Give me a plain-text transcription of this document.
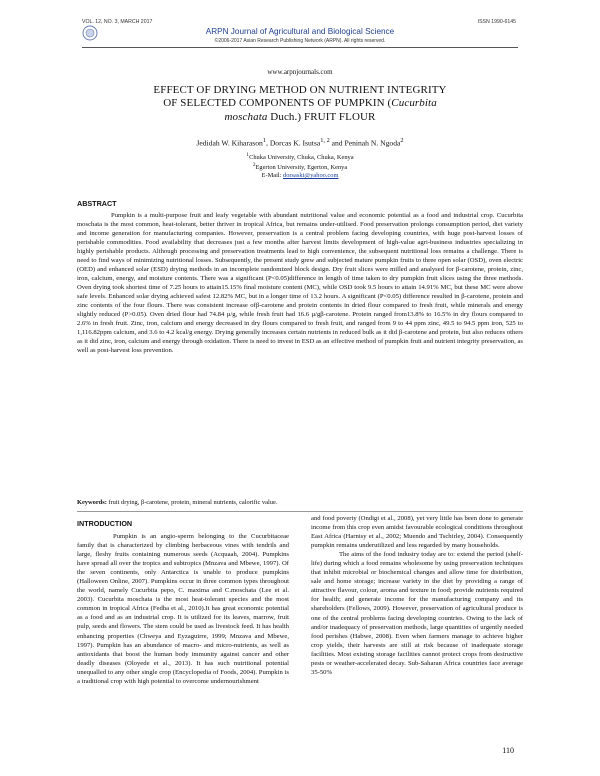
VOL. 12, NO. 3, MARCH 2017	ISSN 1990-6145
ARPN Journal of Agricultural and Biological Science
©2006-2017 Asian Research Publishing Network (ARPN). All rights reserved.
www.arpnjournals.com
EFFECT OF DRYING METHOD ON NUTRIENT INTEGRITY
OF SELECTED COMPONENTS OF PUMPKIN (Cucurbita
moschata Duch.) FRUIT FLOUR
Jedidah W. Kiharason$^1$, Dorcas K. Isutsa$^{1, 2}$ and Peninah N. Ngoda$^2$
$^1$Chuka University, Chuka, Chuka, Kenya
$^2$Egerton University, Egerton, Kenya
E-Mail: dorsaski@yahoo.com
ABSTRACT

Pumpkin is a multi-purpose fruit and leafy vegetable with abundant nutritional value and economic potential as a food and industrial crop. Cucurbita moschata is the most common, heat-tolerant, better thriver in tropical Africa, but remains under-utilised. Food preservation prolongs consumption period, diet variety and income generation for manufacturing companies. However, preservation is a central problem facing developing countries, with huge post-harvest losses of perishable commodities. Food availability that decreases just a few months after harvest limits development of high-value agri-business industries specializing in highly perishable products. Although processing and preservation treatments lead to high convenience, the subsequent nutritional loss remains a challenge. There is need to find ways of minimizing nutritional losses. Subsequently, the present study grew and subjected mature pumpkin fruits to three open solar (OSD), oven electric (OED) and enhanced solar (ESD) drying methods in an incomplete randomized block design. Dry fruit slices were milled and analysed for β-carotene, protein, zinc, iron, calcium, energy, and moisture contents. There was a significant (P<0.05)difference in length of time taken to dry pumpkin fruit slices using the three methods. Oven drying took shortest time of 7.25 hours to attain15.15% final moisture content (MC), while OSD took 9.5 hours to attain 14.91% MC, but these MC were above safe levels. Enhanced solar drying achieved safest 12.82% MC, but in a longer time of 13.2 hours. A significant (P<0.05) difference resulted in β-carotene, protein and zinc contents of the four flours. There was consistent increase ofβ-carotene and protein contents in dried flour compared to fresh fruit, while minerals and energy slightly reduced (P>0.05). Oven dried flour had 74.84 µ/g, while fresh fruit had 16.6 µ/gβ-carotene. Protein ranged from13.8% to 16.5% in dry flours compared to 2.6% in fresh fruit. Zinc, iron, calcium and energy decreased in dry flours compared to fresh fruit, and ranged from 9 to 44 ppm zinc, 49.5 to 94.5 ppm iron, 525 to 1,116.82ppm calcium, and 3.6 to 4.2 kcal/g energy. Drying generally increases certain nutrients in reduced bulk as it did β-carotene and protein, but also reduces others as it did zinc, iron, calcium and energy through oxidation. There is need to invest in ESD as an effective method of pumpkin fruit and nutrient integrity preservation, as well as post-harvest loss prevention.

Keywords: fruit drying, β-carotene, protein, mineral nutrients, calorific value.
INTRODUCTION

Pumpkin is an angio-sperm belonging to the Cucurbitaceae family that is characterized by climbing herbaceous vines with tendrils and large, fleshy fruits containing numerous seeds (Acquaah, 2004). Pumpkins have spread all over the tropics and subtropics (Mnzava and Mbewe, 1997). Of the seven continents, only Antarctica is unable to produce pumpkins (Halloween Online, 2007). Pumpkins occur in three common types throughout the world, namely Cucurbita pepo, C. maxima and C.moschata (Lee et al. 2003). Cucurbita moschata is the most heat-tolerant species and the most common in tropical Africa (Fedha et al., 2010).It has great economic potential as a food and as an industrial crop. It is utilized for its leaves, marrow, fruit pulp, seeds and flowers. The stem could be used as livestock feed. It has health enhancing properties (Chweya and Eyzaguirre, 1999; Mnzava and Mbewe, 1997). Pumpkin has an abundance of macro- and micro-nutrients, as well as antioxidants that boost the human body immunity against cancer and other deadly diseases (Oloyede et al., 2013). It has such nutritional potential unequalled to any other single crop (Encyclopedia of Foods, 2004). Pumpkin is a traditional crop with high potential to overcome undernourishment

and food poverty (Ondigi et al., 2008), yet very little has been done to generate income from this crop even amidst favourable ecological conditions throughout East Africa (Harnisy et al., 2002; Muendo and Tschirley, 2004). Consequently pumpkin remains underutilized and less regarded by many households.

The aims of the food industry today are to: extend the period (shelf-life) during which a food remains wholesome by using preservation techniques that inhibit microbial or biochemical changes and allow time for distribution, sale and home storage; increase variety in the diet by providing a range of attractive flavour, colour, aroma and texture in food; provide nutrients required for health; and generate income for the manufacturing company and its shareholders (Fellows, 2009). However, preservation of agricultural produce is one of the central problems facing developing countries. Owing to the lack of and/or inadequacy of preservation methods, large quantities of urgently needed food perishes (Habwe, 2008). Even when farmers manage to achieve higher crop yields, their harvests are still at risk because of inadequate storage facilities. Most existing storage facilities cannot protect crops from destructive pests or weather-accelerated decay. Sub-Saharan Africa countries face average 35-50%

110
